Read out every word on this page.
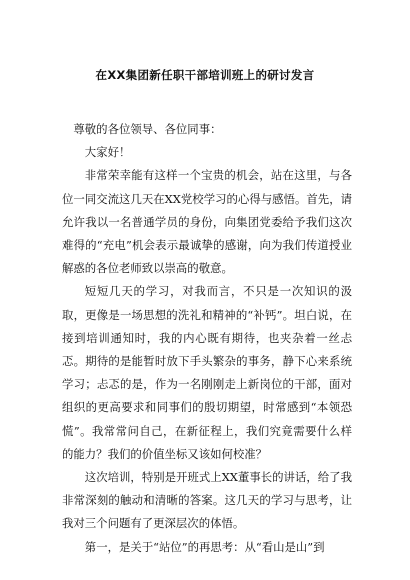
在XX集团新任职干部培训班上的研讨发言

尊敬的各位领导、各位同事：

大家好！

非常荣幸能有这样一个宝贵的机会，站在这里，与各位一同交流这几天在XX党校学习的心得与感悟。首先，请允许我以一名普通学员的身份，向集团党委给予我们这次难得的“充电”机会表示最诚挚的感谢，向为我们传道授业解惑的各位老师致以崇高的敬意。

短短几天的学习，对我而言，不只是一次知识的汲取，更像是一场思想的洗礼和精神的“补钙”。坦白说，在接到培训通知时，我的内心既有期待，也夹杂着一丝忐忑。期待的是能暂时放下手头繁杂的事务，静下心来系统学习；忐忑的是，作为一名刚刚走上新岗位的干部，面对组织的更高要求和同事们的殷切期望，时常感到“本领恐慌”。我常常问自己，在新征程上，我们究竟需要什么样的能力？我们的价值坐标又该如何校准？

这次培训，特别是开班式上XX董事长的讲话，给了我非常深刻的触动和清晰的答案。这几天的学习与思考，让我对三个问题有了更深层次的体悟。

第一，是关于“站位”的再思考：从“看山是山”到
